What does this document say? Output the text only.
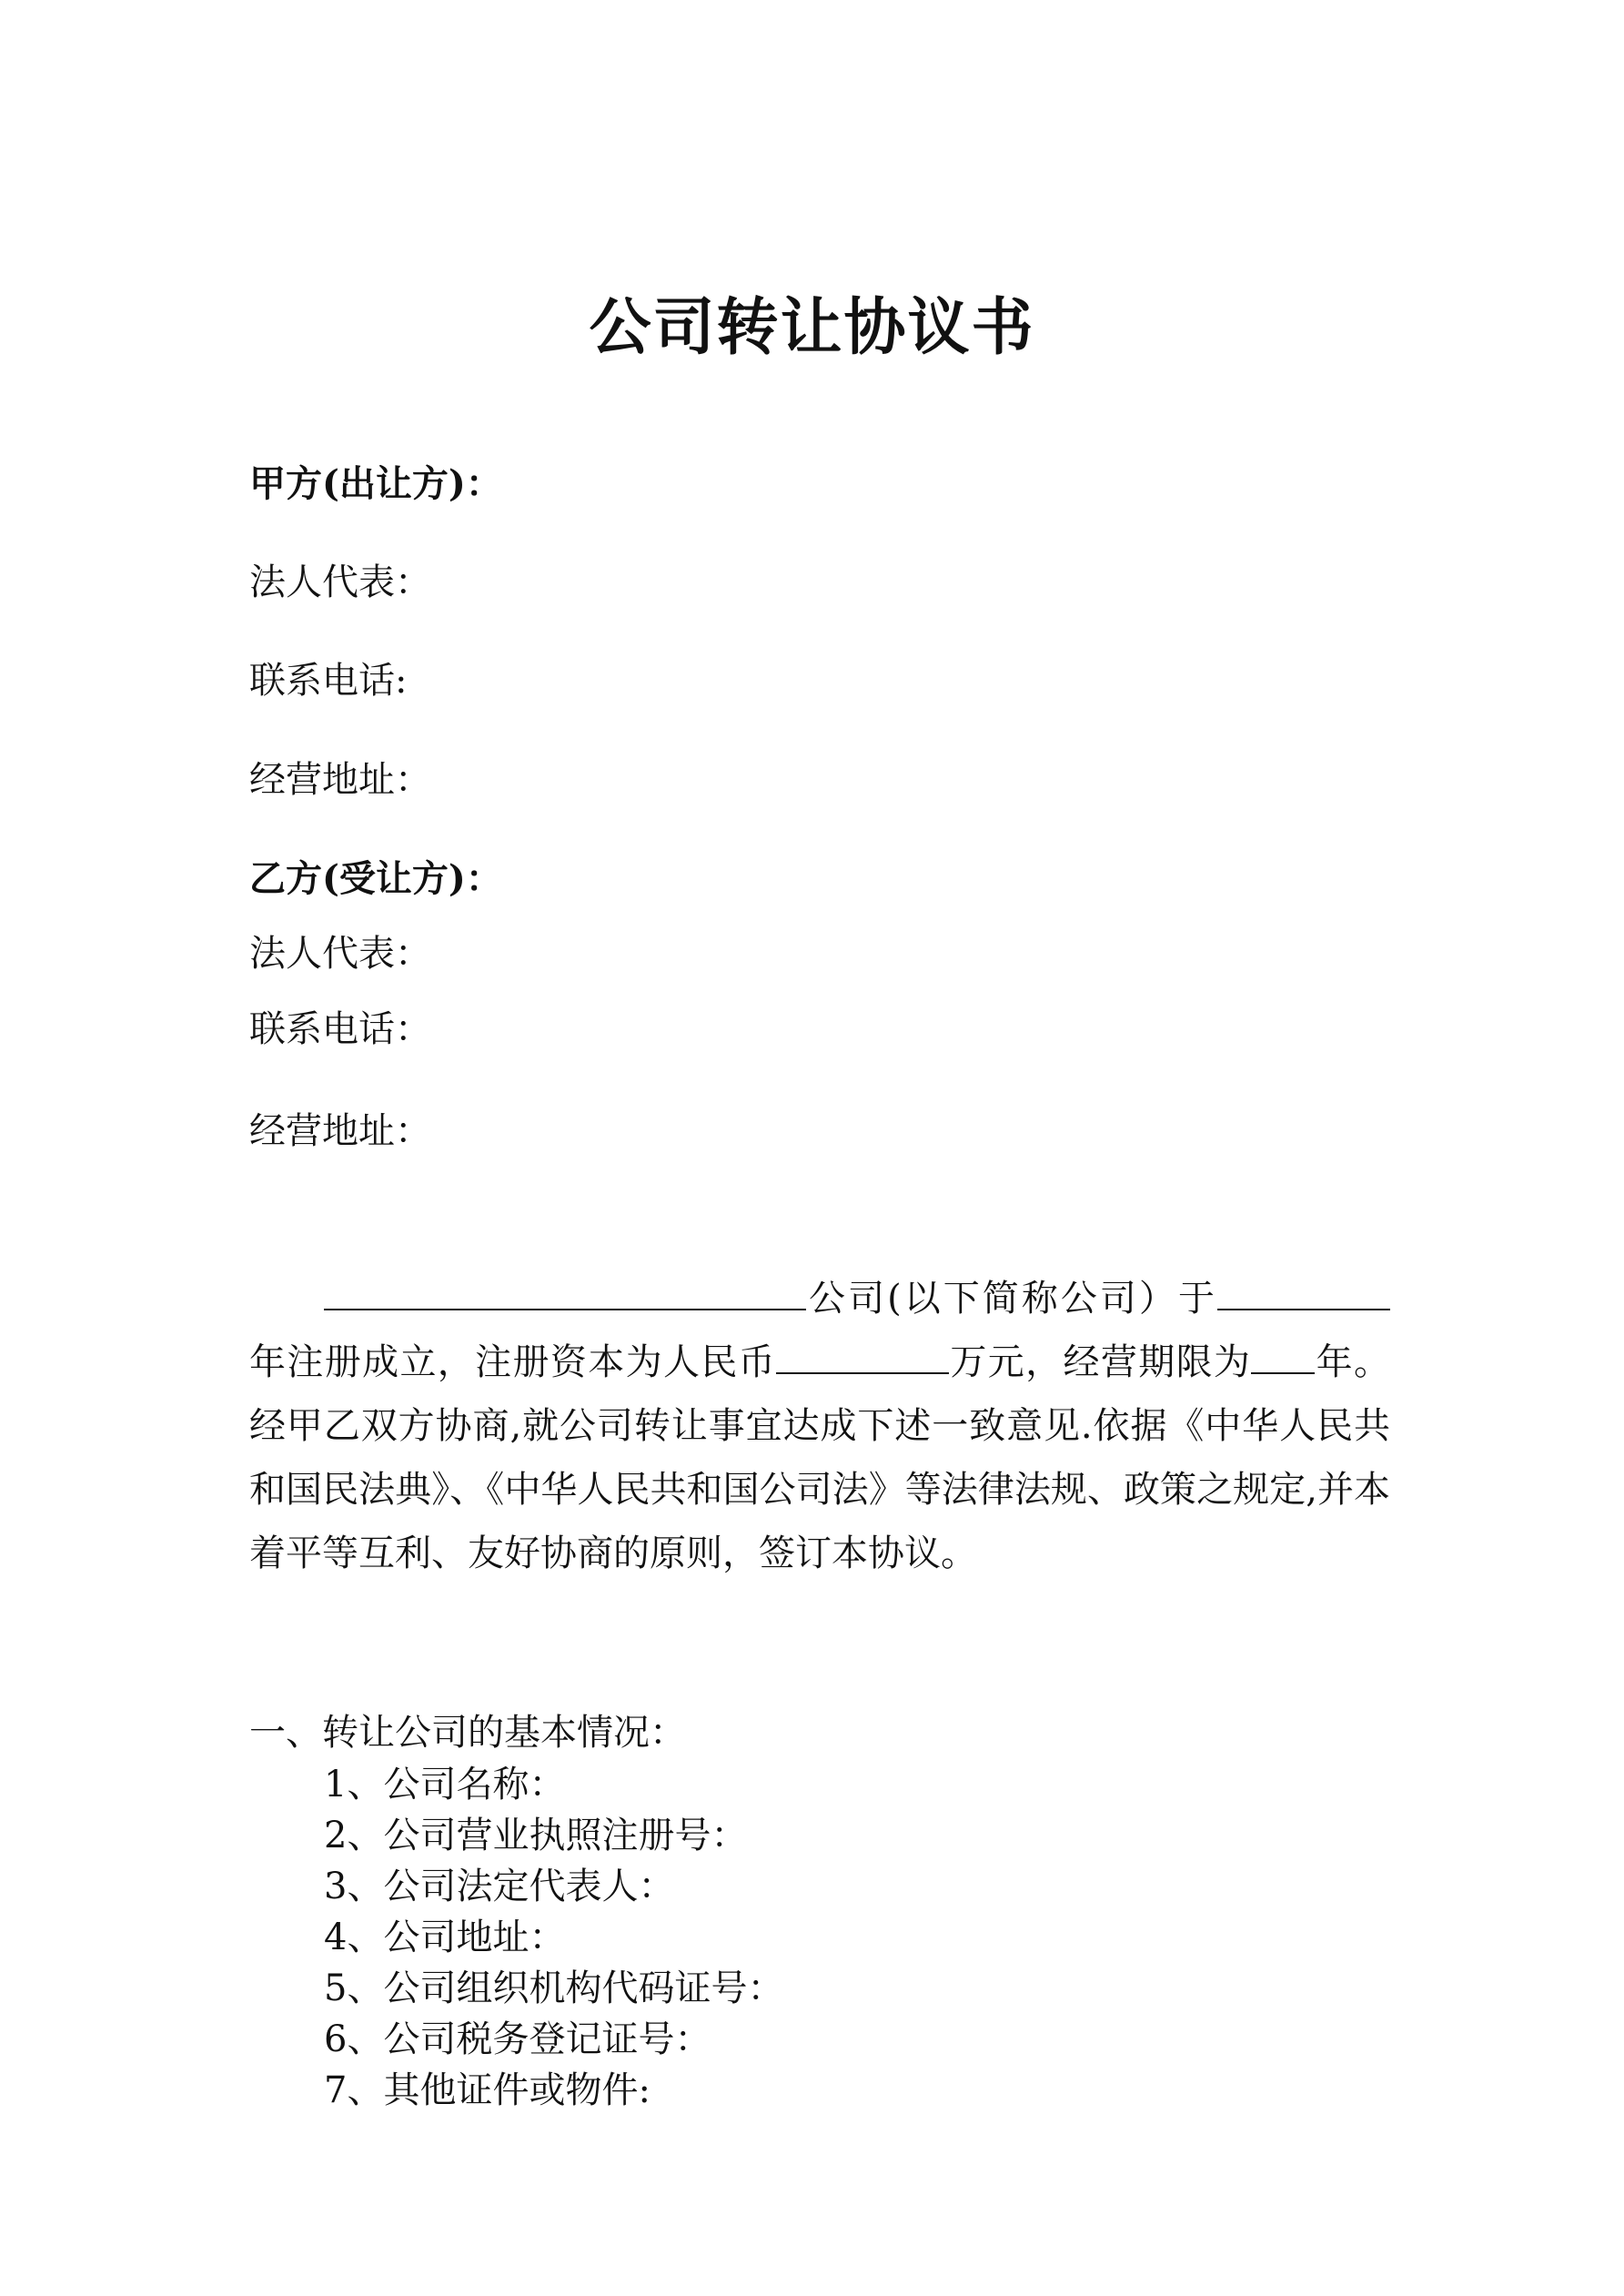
公司转让协议书
甲方(出让方)：
法人代表：
联系电话:
经营地址：
乙方(受让方)：
法人代表：
联系电话：
经营地址：
公司(以下简称公司）于年注册成立，注册资本为人民币	万元，经营期限为 年。经甲乙双方协商,就公司转让事宜达成下述一致意见.依据《中华人民共和国民法典》、《中华人民共和国公司法》等法律法规、政策之规定,并本着平等互利、友好协商的原则，签订本协议。
一、转让公司的基本情况：
1、公司名称：
2、公司营业执照注册号：
3、公司法定代表人：
4、公司地址：
5、公司组织机构代码证号：
6、公司税务登记证号：
7、其他证件或物件:
